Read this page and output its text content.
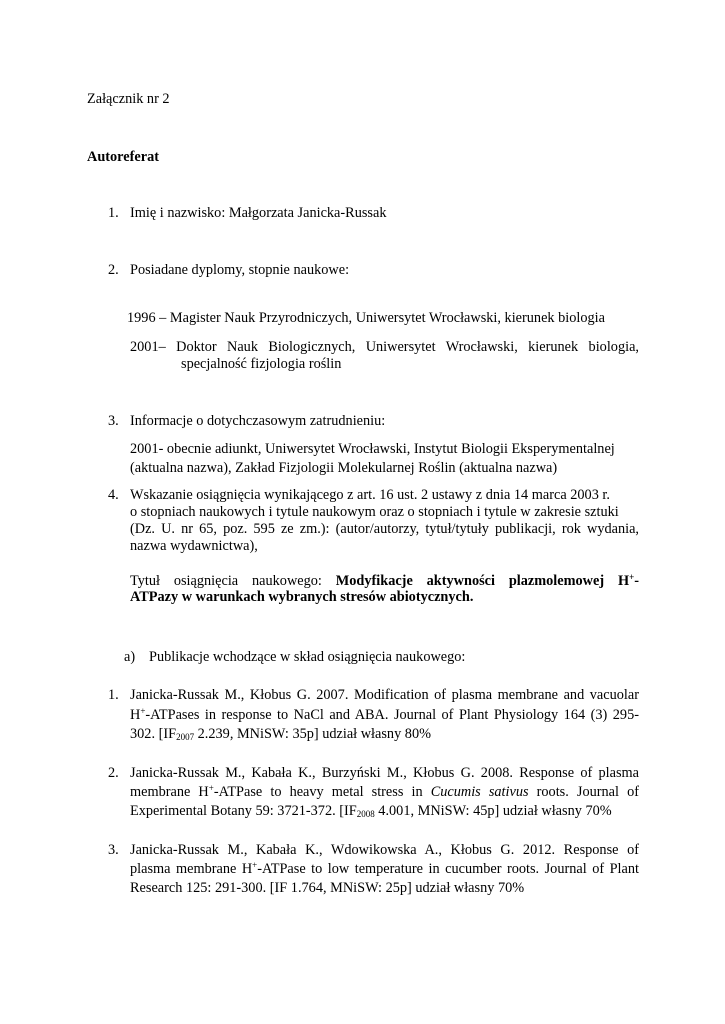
Załącznik nr 2
Autoreferat
1. Imię i nazwisko: Małgorzata Janicka-Russak
2. Posiadane dyplomy, stopnie naukowe:
1996 – Magister Nauk Przyrodniczych, Uniwersytet Wrocławski, kierunek biologia
2001– Doktor Nauk Biologicznych, Uniwersytet Wrocławski, kierunek biologia,
specjalność fizjologia roślin
3. Informacje o dotychczasowym zatrudnieniu:
2001- obecnie adiunkt, Uniwersytet Wrocławski, Instytut Biologii Eksperymentalnej
(aktualna nazwa), Zakład Fizjologii Molekularnej Roślin (aktualna nazwa)
4. Wskazanie osiągnięcia wynikającego z art. 16 ust. 2 ustawy z dnia 14 marca 2003 r.
o stopniach naukowych i tytule naukowym oraz o stopniach i tytule w zakresie sztuki
(Dz. U. nr 65, poz. 595 ze zm.): (autor/autorzy, tytuł/tytuły publikacji, rok wydania,
nazwa wydawnictwa),
Tytuł osiągnięcia naukowego: Modyfikacje aktywności plazmolemowej H+-
ATPazy w warunkach wybranych stresów abiotycznych.
a) Publikacje wchodzące w skład osiągnięcia naukowego:
1. Janicka-Russak M., Kłobus G. 2007. Modification of plasma membrane and vacuolar
H+-ATPases in response to NaCl and ABA. Journal of Plant Physiology 164 (3) 295-
302. [$IF_{2007}$ 2.239, MNiSW: 35p] udział własny 80%
2. Janicka-Russak M., Kabała K., Burzyński M., Kłobus G. 2008. Response of plasma
membrane H+-ATPase to heavy metal stress in Cucumis sativus roots. Journal of
Experimental Botany 59: 3721-372. [$IF_{2008}$ 4.001, MNiSW: 45p] udział własny 70%
3. Janicka-Russak M., Kabała K., Wdowikowska A., Kłobus G. 2012. Response of
plasma membrane H+-ATPase to low temperature in cucumber roots. Journal of Plant
Research 125: 291-300. [IF 1.764, MNiSW: 25p] udział własny 70%
